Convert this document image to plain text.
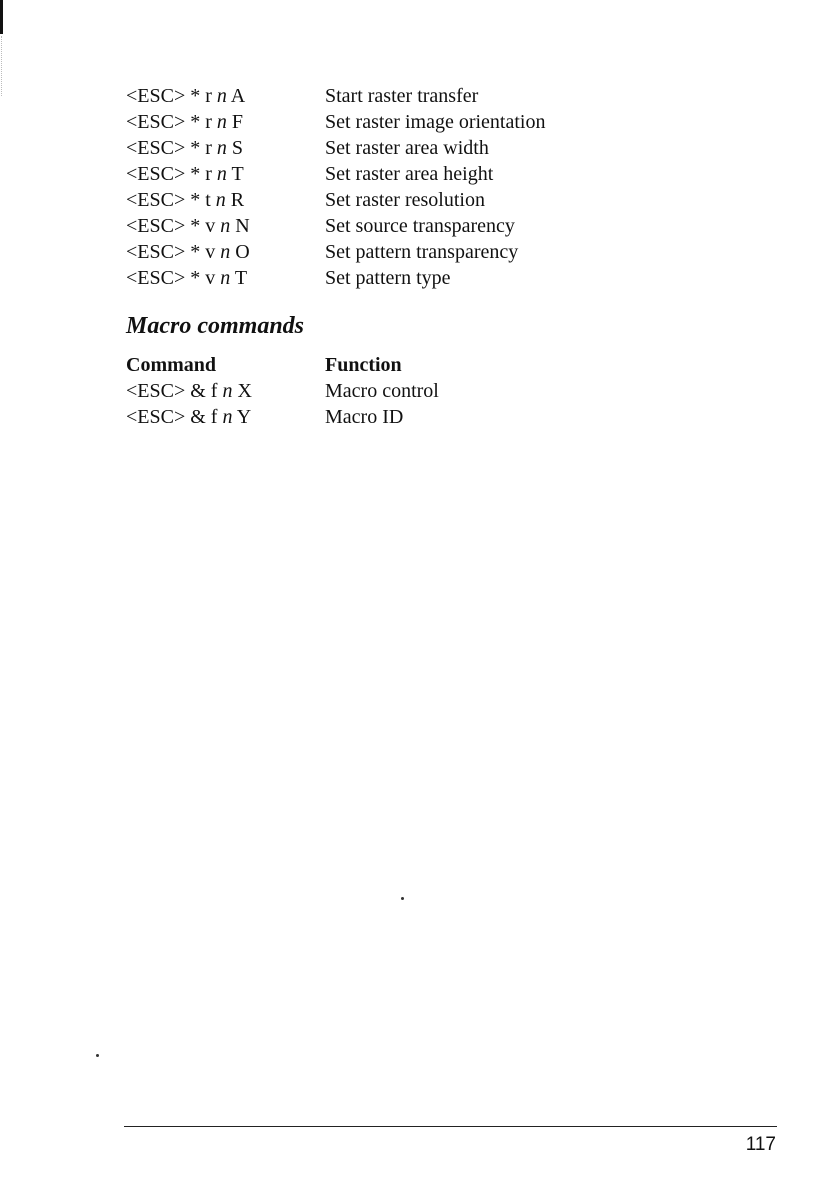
<ESC> * r n A	Start raster transfer
<ESC> * r n F	Set raster image orientation
<ESC> * r n S	Set raster area width
<ESC> * r n T	Set raster area height
<ESC> * t n R	Set raster resolution
<ESC> * v n N	Set source transparency
<ESC> * v n O	Set pattern transparency
<ESC> * v n T	Set pattern type
Macro commands
Command	Function
<ESC> & f n X	Macro control
<ESC> & f n Y	Macro ID
117
